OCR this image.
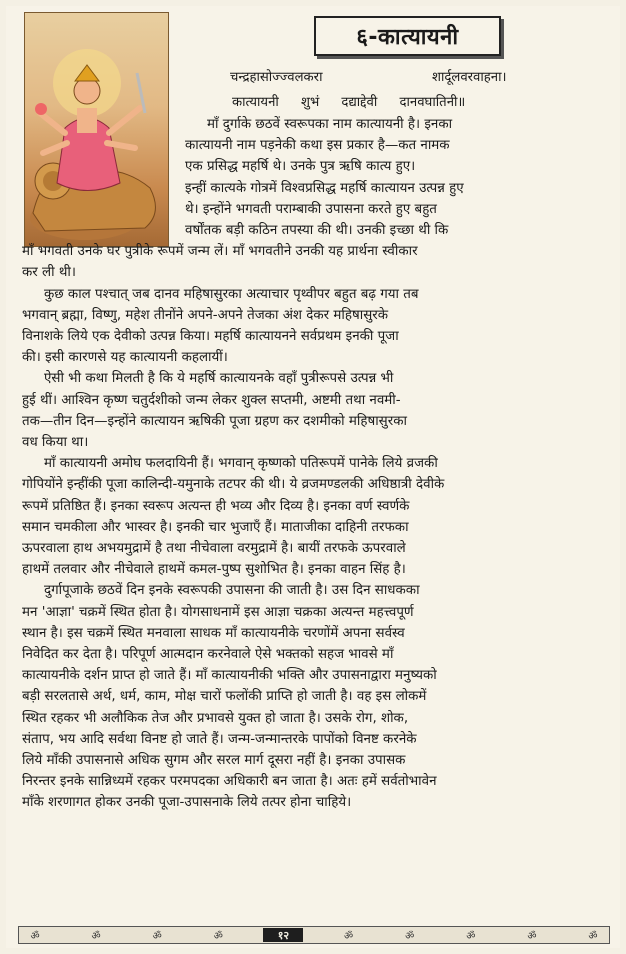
६-कात्यायनी
चन्द्रहासोज्ज्वलकरा	शार्दूलवरवाहना।
कात्यायनी शुभं दद्याद्देवी दानवघातिनी॥
माँ दुर्गाके छठवें स्वरूपका नाम कात्यायनी है। इनका
कात्यायनी नाम पड़नेकी कथा इस प्रकार है—कत नामक
एक प्रसिद्ध महर्षि थे। उनके पुत्र ऋषि कात्य हुए।
इन्हीं कात्यके गोत्रमें विश्वप्रसिद्ध महर्षि कात्यायन उत्पन्न हुए
थे। इन्होंने भगवती पराम्बाकी उपासना करते हुए बहुत
वर्षोंतक बड़ी कठिन तपस्या की थी। उनकी इच्छा थी कि
माँ भगवती उनके घर पुत्रीके रूपमें जन्म लें। माँ भगवतीने उनकी यह प्रार्थना स्वीकार
कर ली थी।
कुछ काल पश्चात् जब दानव महिषासुरका अत्याचार पृथ्वीपर बहुत बढ़ गया तब
भगवान् ब्रह्मा, विष्णु, महेश तीनोंने अपने-अपने तेजका अंश देकर महिषासुरके
विनाशके लिये एक देवीको उत्पन्न किया। महर्षि कात्यायनने सर्वप्रथम इनकी पूजा
की। इसी कारणसे यह कात्यायनी कहलायीं।
ऐसी भी कथा मिलती है कि ये महर्षि कात्यायनके वहाँ पुत्रीरूपसे उत्पन्न भी
हुई थीं। आश्विन कृष्ण चतुर्दशीको जन्म लेकर शुक्ल सप्तमी, अष्टमी तथा नवमी-
तक—तीन दिन—इन्होंने कात्यायन ऋषिकी पूजा ग्रहण कर दशमीको महिषासुरका
वध किया था।
माँ कात्यायनी अमोघ फलदायिनी हैं। भगवान् कृष्णको पतिरूपमें पानेके लिये व्रजकी
गोपियोंने इन्हींकी पूजा कालिन्दी-यमुनाके तटपर की थी। ये व्रजमण्डलकी अधिष्ठात्री देवीके
रूपमें प्रतिष्ठित हैं। इनका स्वरूप अत्यन्त ही भव्य और दिव्य है। इनका वर्ण स्वर्णके
समान चमकीला और भास्वर है। इनकी चार भुजाएँ हैं। माताजीका दाहिनी तरफका
ऊपरवाला हाथ अभयमुद्रामें है तथा नीचेवाला वरमुद्रामें है। बायीं तरफके ऊपरवाले
हाथमें तलवार और नीचेवाले हाथमें कमल-पुष्प सुशोभित है। इनका वाहन सिंह है।
दुर्गापूजाके छठवें दिन इनके स्वरूपकी उपासना की जाती है। उस दिन साधकका
मन 'आज्ञा' चक्रमें स्थित होता है। योगसाधनामें इस आज्ञा चक्रका अत्यन्त महत्त्वपूर्ण
स्थान है। इस चक्रमें स्थित मनवाला साधक माँ कात्यायनीके चरणोंमें अपना सर्वस्व
निवेदित कर देता है। परिपूर्ण आत्मदान करनेवाले ऐसे भक्तको सहज भावसे माँ
कात्यायनीके दर्शन प्राप्त हो जाते हैं। माँ कात्यायनीकी भक्ति और उपासनाद्वारा मनुष्यको
बड़ी सरलतासे अर्थ, धर्म, काम, मोक्ष चारों फलोंकी प्राप्ति हो जाती है। वह इस लोकमें
स्थित रहकर भी अलौकिक तेज और प्रभावसे युक्त हो जाता है। उसके रोग, शोक,
संताप, भय आदि सर्वथा विनष्ट हो जाते हैं। जन्म-जन्मान्तरके पापोंको विनष्ट करनेके
लिये माँकी उपासनासे अधिक सुगम और सरल मार्ग दूसरा नहीं है। इनका उपासक
निरन्तर इनके सान्निध्यमें रहकर परमपदका अधिकारी बन जाता है। अतः हमें सर्वतोभावेन
माँके शरणागत होकर उनकी पूजा-उपासनाके लिये तत्पर होना चाहिये।
ॐ	ॐ	ॐ	ॐ	१२	ॐ	ॐ	ॐ	ॐ	ॐ
